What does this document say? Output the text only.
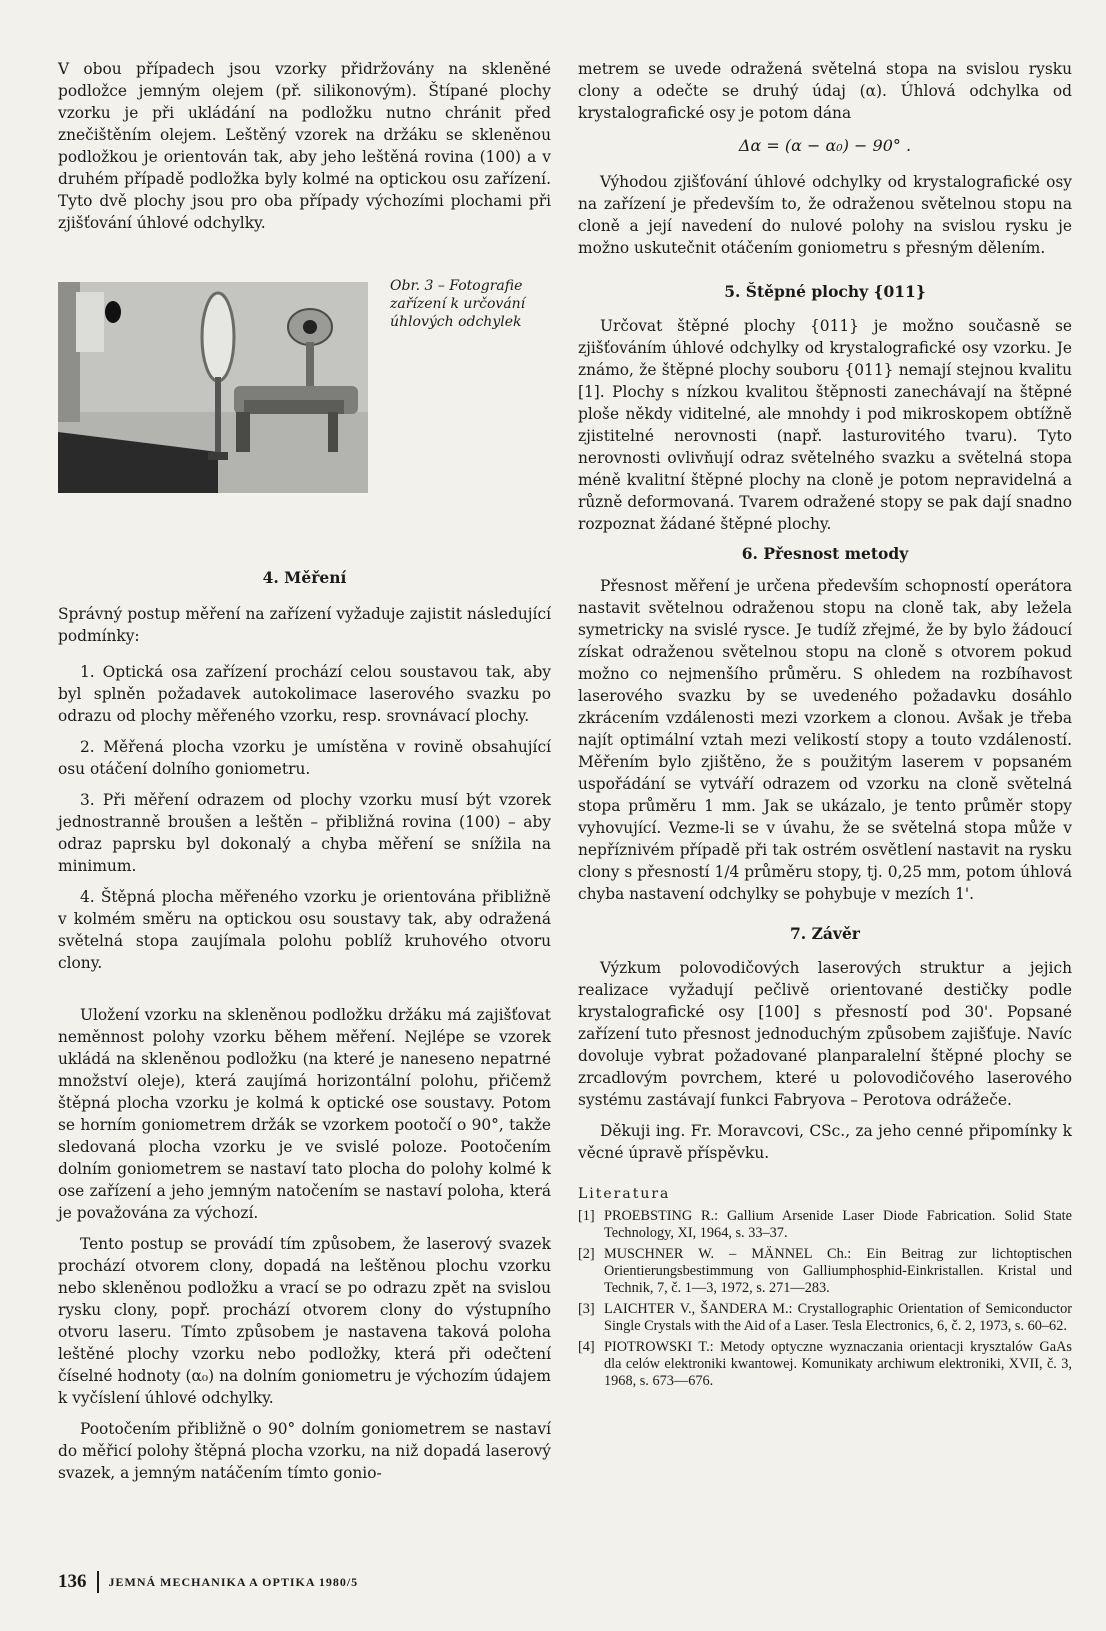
V obou případech jsou vzorky přidržovány na skleněné podložce jemným olejem (př. silikonovým). Štípané plochy vzorku je při ukládání na podložku nutno chránit před znečištěním olejem. Leštěný vzorek na držáku se skleněnou podložkou je orientován tak, aby jeho leštěná rovina (100) a v druhém případě podložka byly kolmé na optickou osu zařízení. Tyto dvě plochy jsou pro oba případy výchozími plochami při zjišťování úhlové odchylky.

Obr. 3 – Fotografie zařízení k určování úhlových odchylek
4. Měření

Správný postup měření na zařízení vyžaduje zajistit následující podmínky:

1. Optická osa zařízení prochází celou soustavou tak, aby byl splněn požadavek autokolimace laserového svazku po odrazu od plochy měřeného vzorku, resp. srovnávací plochy.

2. Měřená plocha vzorku je umístěna v rovině obsahující osu otáčení dolního goniometru.

3. Při měření odrazem od plochy vzorku musí být vzorek jednostranně broušen a leštěn – přibližná rovina (100) – aby odraz paprsku byl dokonalý a chyba měření se snížila na minimum.

4. Štěpná plocha měřeného vzorku je orientována přibližně v kolmém směru na optickou osu soustavy tak, aby odražená světelná stopa zaujímala polohu poblíž kruhového otvoru clony.

Uložení vzorku na skleněnou podložku držáku má zajišťovat neměnnost polohy vzorku během měření. Nejlépe se vzorek ukládá na skleněnou podložku (na které je naneseno nepatrné množství oleje), která zaujímá horizontální polohu, přičemž štěpná plocha vzorku je kolmá k optické ose soustavy. Potom se horním goniometrem držák se vzorkem pootočí o 90°, takže sledovaná plocha vzorku je ve svislé poloze. Pootočením dolním goniometrem se nastaví tato plocha do polohy kolmé k ose zařízení a jeho jemným natočením se nastaví poloha, která je považována za výchozí.

Tento postup se provádí tím způsobem, že laserový svazek prochází otvorem clony, dopadá na leštěnou plochu vzorku nebo skleněnou podložku a vrací se po odrazu zpět na svislou rysku clony, popř. prochází otvorem clony do výstupního otvoru laseru. Tímto způsobem je nastavena taková poloha leštěné plochy vzorku nebo podložky, která při odečtení číselné hodnoty (α₀) na dolním goniometru je výchozím údajem k vyčíslení úhlové odchylky.

Pootočením přibližně o 90° dolním goniometrem se nastaví do měřicí polohy štěpná plocha vzorku, na niž dopadá laserový svazek, a jemným natáčením tímto gonio-

metrem se uvede odražená světelná stopa na svislou rysku clony a odečte se druhý údaj (α). Úhlová odchylka od krystalografické osy je potom dána

Δα = (α − α₀) − 90° .

Výhodou zjišťování úhlové odchylky od krystalografické osy na zařízení je především to, že odraženou světelnou stopu na cloně a její navedení do nulové polohy na svislou rysku je možno uskutečnit otáčením goniometru s přesným dělením.

5. Štěpné plochy {011}

Určovat štěpné plochy {011} je možno současně se zjišťováním úhlové odchylky od krystalografické osy vzorku. Je známo, že štěpné plochy souboru {011} nemají stejnou kvalitu [1]. Plochy s nízkou kvalitou štěpnosti zanechávají na štěpné ploše někdy viditelné, ale mnohdy i pod mikroskopem obtížně zjistitelné nerovnosti (např. lasturovitého tvaru). Tyto nerovnosti ovlivňují odraz světelného svazku a světelná stopa méně kvalitní štěpné plochy na cloně je potom nepravidelná a různě deformovaná. Tvarem odražené stopy se pak dají snadno rozpoznat žádané štěpné plochy.

6. Přesnost metody

Přesnost měření je určena především schopností operátora nastavit světelnou odraženou stopu na cloně tak, aby ležela symetricky na svislé rysce. Je tudíž zřejmé, že by bylo žádoucí získat odraženou světelnou stopu na cloně s otvorem pokud možno co nejmenšího průměru. S ohledem na rozbíhavost laserového svazku by se uvedeného požadavku dosáhlo zkrácením vzdálenosti mezi vzorkem a clonou. Avšak je třeba najít optimální vztah mezi velikostí stopy a touto vzdáleností. Měřením bylo zjištěno, že s použitým laserem v popsaném uspořádání se vytváří odrazem od vzorku na cloně světelná stopa průměru 1 mm. Jak se ukázalo, je tento průměr stopy vyhovující. Vezme-li se v úvahu, že se světelná stopa může v nepříznivém případě při tak ostrém osvětlení nastavit na rysku clony s přesností 1/4 průměru stopy, tj. 0,25 mm, potom úhlová chyba nastavení odchylky se pohybuje v mezích 1'.

7. Závěr

Výzkum polovodičových laserových struktur a jejich realizace vyžadují pečlivě orientované destičky podle krystalografické osy [100] s přesností pod 30'. Popsané zařízení tuto přesnost jednoduchým způsobem zajišťuje. Navíc dovoluje vybrat požadované planparalelní štěpné plochy se zrcadlovým povrchem, které u polovodičového laserového systému zastávají funkci Fabryova – Perotova odrážeče.

Děkuji ing. Fr. Moravcovi, CSc., za jeho cenné připomínky k věcné úpravě příspěvku.

Literatura
[1] PROEBSTING R.: Gallium Arsenide Laser Diode Fabrication. Solid State Technology, XI, 1964, s. 33–37.
[2] MUSCHNER W. – MÄNNEL Ch.: Ein Beitrag zur lichtoptischen Orientierungsbestimmung von Galliumphosphid-Einkristallen. Kristal und Technik, 7, č. 1—3, 1972, s. 271—283.
[3] LAICHTER V., ŠANDERA M.: Crystallographic Orientation of Semiconductor Single Crystals with the Aid of a Laser. Tesla Electronics, 6, č. 2, 1973, s. 60–62.
[4] PIOTROWSKI T.: Metody optyczne wyznaczania orientacji krysztalów GaAs dla celów elektroniki kwantowej. Komunikaty archiwum elektroniki, XVII, č. 3, 1968, s. 673—676.
136 JEMNÁ MECHANIKA A OPTIKA 1980/5
